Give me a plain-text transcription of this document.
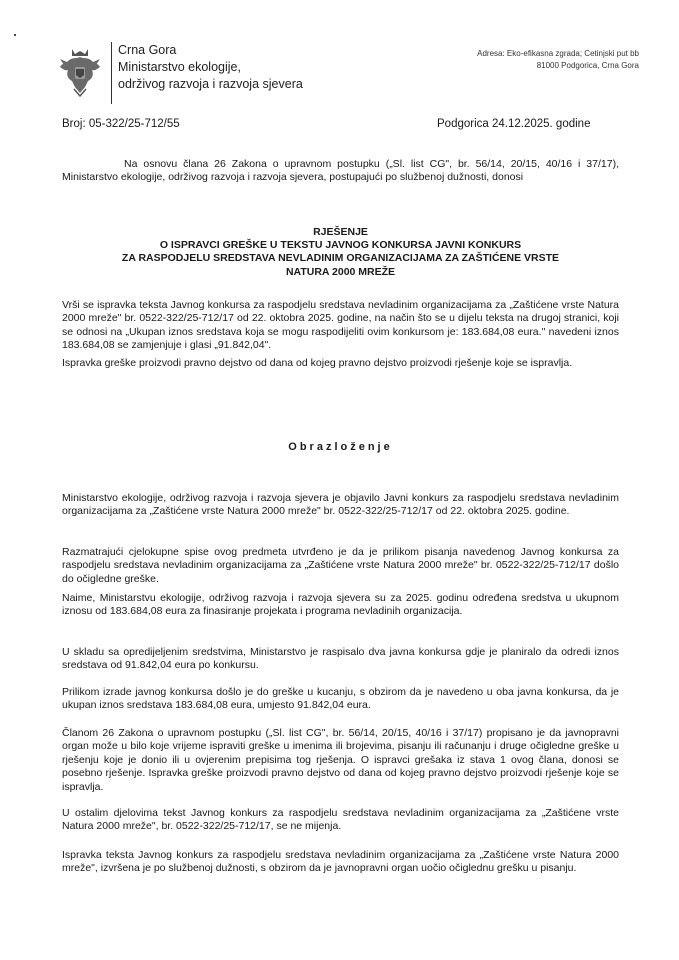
Crna Gora
Ministarstvo ekologije,
održivog razvoja i razvoja sjevera
Adresa: Eko-efikasna zgrada; Cetinjski put bb
81000 Podgorica, Crna Gora
Broj: 05-322/25-712/55	Podgorica 24.12.2025. godine
Na osnovu člana 26 Zakona o upravnom postupku („Sl. list CG", br. 56/14, 20/15, 40/16 i 37/17), Ministarstvo ekologije, održivog razvoja i razvoja sjevera, postupajući po službenoj dužnosti, donosi
RJEŠENJE
O ISPRAVCI GREŠKE U TEKSTU JAVNOG KONKURSA JAVNI KONKURS
ZA RASPODJELU SREDSTAVA NEVLADINIM ORGANIZACIJAMA ZA ZAŠTIĆENE VRSTE
NATURA 2000 MREŽE
Vrši se ispravka teksta Javnog konkursa za raspodjelu sredstava nevladinim organizacijama za „Zaštićene vrste Natura 2000 mreže" br. 0522-322/25-712/17 od 22. oktobra 2025. godine, na način što se u dijelu teksta na drugoj stranici, koji se odnosi na „Ukupan iznos sredstava koja se mogu raspodijeliti ovim konkursom je: 183.684,08 eura." navedeni iznos 183.684,08 se zamjenjuje i glasi „91.842,04".
Ispravka greške proizvodi pravno dejstvo od dana od kojeg pravno dejstvo proizvodi rješenje koje se ispravlja.
Obrazloženje
Ministarstvo ekologije, održivog razvoja i razvoja sjevera je objavilo Javni konkurs za raspodjelu sredstava nevladinim organizacijama za „Zaštićene vrste Natura 2000 mreže" br. 0522-322/25-712/17 od 22. oktobra 2025. godine.
Razmatrajući cjelokupne spise ovog predmeta utvrđeno je da je prilikom pisanja navedenog Javnog konkursa za raspodjelu sredstava nevladinim organizacijama za „Zaštićene vrste Natura 2000 mreže" br. 0522-322/25-712/17 došlo do očigledne greške.
Naime, Ministarstvu ekologije, održivog razvoja i razvoja sjevera su za 2025. godinu određena sredstva u ukupnom iznosu od 183.684,08 eura za finasiranje projekata i programa nevladinih organizacija.
U skladu sa opredijeljenim sredstvima, Ministarstvo je raspisalo dva javna konkursa gdje je planiralo da odredi iznos sredstava od 91.842,04 eura po konkursu.
Prilikom izrade javnog konkursa došlo je do greške u kucanju, s obzirom da je navedeno u oba javna konkursa, da je ukupan iznos sredstava 183.684,08 eura, umjesto 91.842,04 eura.
Članom 26 Zakona o upravnom postupku („Sl. list CG", br. 56/14, 20/15, 40/16 i 37/17) propisano je da javnopravni organ može u bilo koje vrijeme ispraviti greške u imenima ili brojevima, pisanju ili računanju i druge očigledne greške u rješenju koje je donio ili u ovjerenim prepisima tog rješenja. O ispravci grešaka iz stava 1 ovog člana, donosi se posebno rješenje. Ispravka greške proizvodi pravno dejstvo od dana od kojeg pravno dejstvo proizvodi rješenje koje se ispravlja.
U ostalim djelovima tekst Javnog konkurs za raspodjelu sredstava nevladinim organizacijama za „Zaštićene vrste Natura 2000 mreže", br. 0522-322/25-712/17, se ne mijenja.
Ispravka teksta Javnog konkurs za raspodjelu sredstava nevladinim organizacijama za „Zaštićene vrste Natura 2000 mreže", izvršena je po službenoj dužnosti, s obzirom da je javnopravni organ uočio očiglednu grešku u pisanju.
